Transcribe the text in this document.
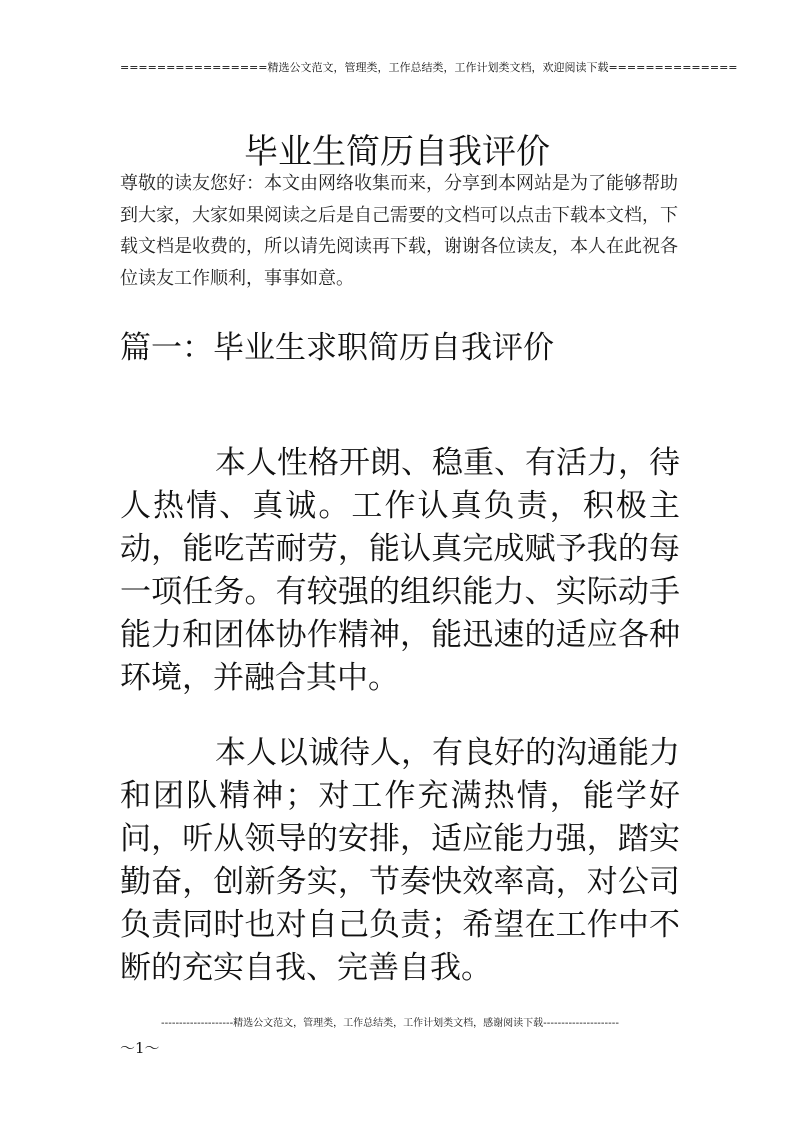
================精选公文范文，管理类，工作总结类，工作计划类文档，欢迎阅读下载==============
毕业生简历自我评价
尊敬的读友您好：本文由网络收集而来，分享到本网站是为了能够帮助到大家，大家如果阅读之后是自己需要的文档可以点击下载本文档，下载文档是收费的，所以请先阅读再下载，谢谢各位读友，本人在此祝各位读友工作顺利，事事如意。
篇一：毕业生求职简历自我评价

本人性格开朗、稳重、有活力，待人热情、真诚。工作认真负责，积极主动，能吃苦耐劳，能认真完成赋予我的每一项任务。有较强的组织能力、实际动手能力和团体协作精神，能迅速的适应各种环境，并融合其中。

本人以诚待人，有良好的沟通能力和团队精神；对工作充满热情，能学好问，听从领导的安排，适应能力强，踏实勤奋，创新务实，节奏快效率高，对公司负责同时也对自己负责；希望在工作中不断的充实自我、完善自我。

--------------------精选公文范文，管理类，工作总结类，工作计划类文档，感谢阅读下载---------------------
～1～
